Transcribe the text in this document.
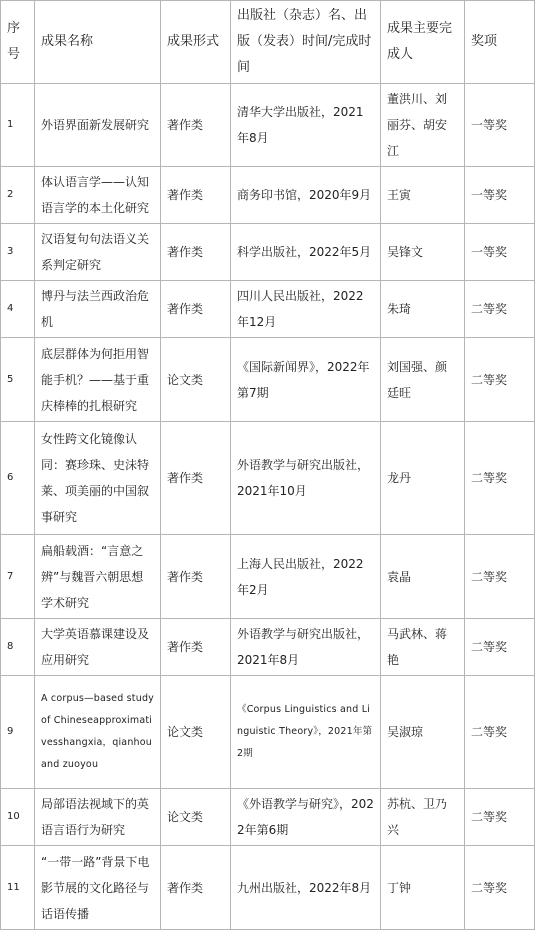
序号	成果名称	成果形式	出版社（杂志）名、出版（发表）时间/完成时间	成果主要完成人	奖项
1	外语界面新发展研究	著作类	清华大学出版社，2021年8月	董洪川、刘丽芬、胡安江	一等奖
2	体认语言学——认知语言学的本土化研究	著作类	商务印书馆，2020年9月	王寅	一等奖
3	汉语复句句法语义关系判定研究	著作类	科学出版社，2022年5月	吴锋文	一等奖
4	博丹与法兰西政治危机	著作类	四川人民出版社，2022年12月	朱琦	二等奖
5	底层群体为何拒用智能手机？——基于重庆棒棒的扎根研究	论文类	《国际新闻界》，2022年第7期	刘国强、颜廷旺	二等奖
6	女性跨文化镜像认同：赛珍珠、史沫特莱、项美丽的中国叙事研究	著作类	外语教学与研究出版社，2021年10月	龙丹	二等奖
7	扁船载酒：“言意之辨”与魏晋六朝思想学术研究	著作类	上海人民出版社，2022年2月	袁晶	二等奖
8	大学英语慕课建设及应用研究	著作类	外语教学与研究出版社，2021年8月	马武林、蒋艳	二等奖
9	A corpus—based study of Chineseapproximativesshangxia，qianhou and zuoyou	论文类	《Corpus Linguistics and Linguistic Theory》，2021年第2期	吴淑琼	二等奖
10	局部语法视域下的英语言语行为研究	论文类	《外语教学与研究》，2022年第6期	苏杭、卫乃兴	二等奖
11	“一带一路”背景下电影节展的文化路径与话语传播	著作类	九州出版社，2022年8月	丁钟	二等奖
